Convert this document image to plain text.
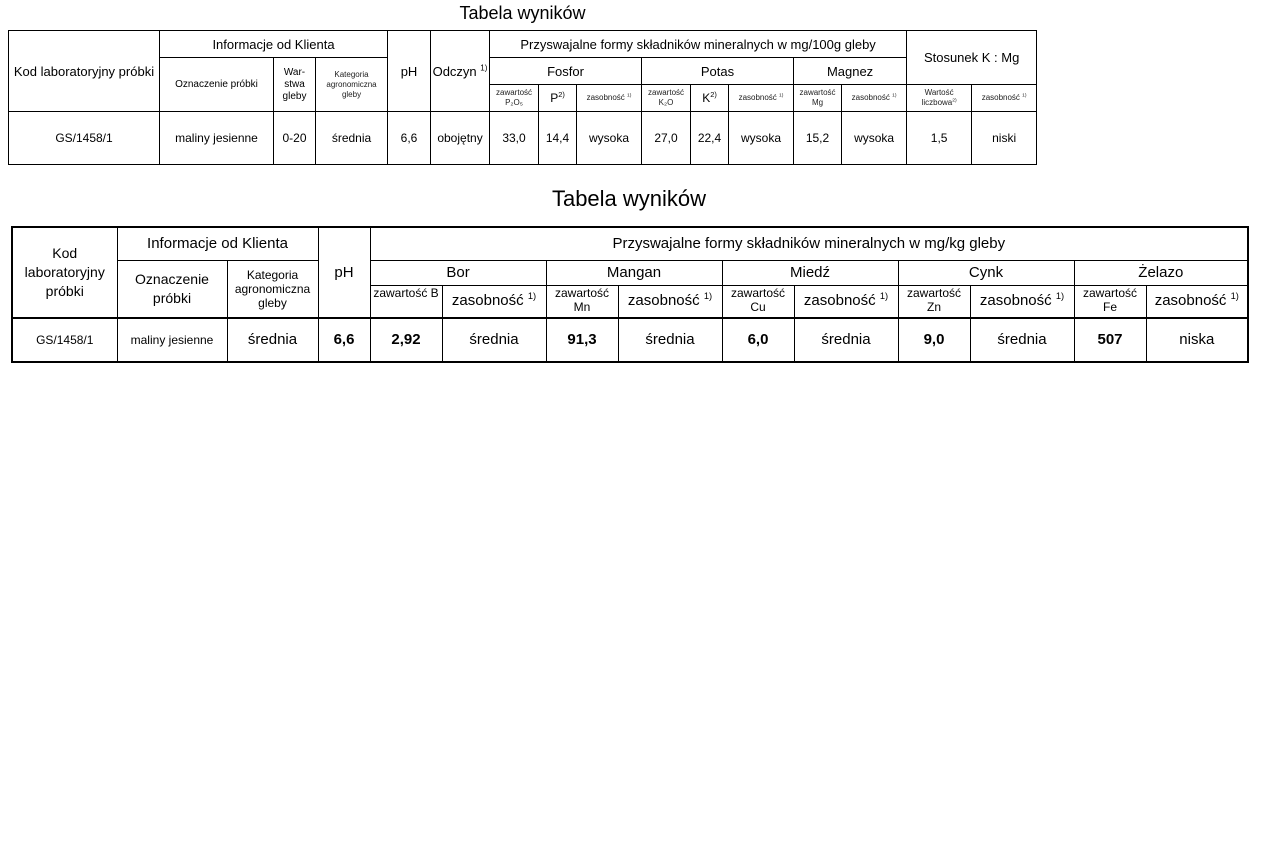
Tabela wyników
Kod laboratoryjny próbki	Informacje od Klienta			pH	Odczyn $^{1)}$	Przyswajalne formy składników mineralnych w mg/100g gleby								Stosunek K : Mg	
	Oznaczenie próbki	War-stwa gleby	Kategoria agronomiczna gleby			Fosfor			Potas			Magnez			
						zawartość P₂O₅	$P^{2)}$	zasobność $^{1)}$	zawartość K₂O	$K^{2)}$	zasobność $^{1)}$	zawartość Mg	zasobność $^{1)}$	Wartość liczbowa$^{2)}$	zasobność $^{1)}$
GS/1458/1	maliny jesienne	0-20	średnia	6,6	obojętny	33,0	14,4	wysoka	27,0	22,4	wysoka	15,2	wysoka	1,5	niski
Tabela wyników
Kod laboratoryjny próbki	Informacje od Klienta		pH	Przyswajalne formy składników mineralnych w mg/kg gleby									
	Oznaczenie próbki	Kategoria agronomiczna gleby		Bor		Mangan		Miedź		Cynk		Żelazo	
				zawartość B	zasobność $^{1)}$	zawartość Mn	zasobność $^{1)}$	zawartość Cu	zasobność $^{1)}$	zawartość Zn	zasobność $^{1)}$	zawartość Fe	zasobność $^{1)}$
GS/1458/1	maliny jesienne	średnia	6,6	2,92	średnia	91,3	średnia	6,0	średnia	9,0	średnia	507	niska
